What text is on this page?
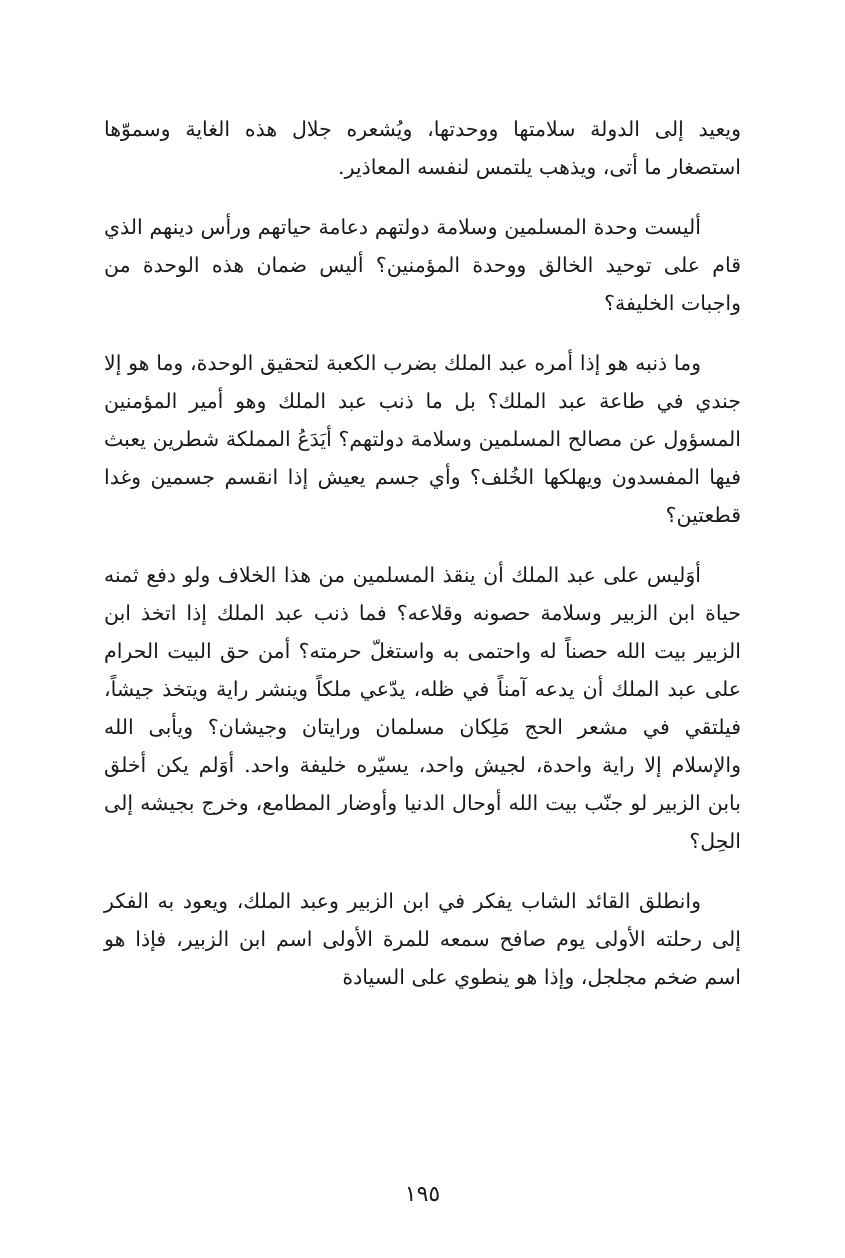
ويعيد إلى الدولة سلامتها ووحدتها، ويُشعره جلال هذه الغاية وسموّها استصغار ما أتى، ويذهب يلتمس لنفسه المعاذير.

أليست وحدة المسلمين وسلامة دولتهم دعامة حياتهم ورأس دينهم الذي قام على توحيد الخالق ووحدة المؤمنين؟ أليس ضمان هذه الوحدة من واجبات الخليفة؟

وما ذنبه هو إذا أمره عبد الملك بضرب الكعبة لتحقيق الوحدة، وما هو إلا جندي في طاعة عبد الملك؟ بل ما ذنب عبد الملك وهو أمير المؤمنين المسؤول عن مصالح المسلمين وسلامة دولتهم؟ أيَدَعُ المملكة شطرين يعبث فيها المفسدون ويهلكها الخُلف؟ وأي جسم يعيش إذا انقسم جسمين وغدا قطعتين؟

أوَليس على عبد الملك أن ينقذ المسلمين من هذا الخلاف ولو دفع ثمنه حياة ابن الزبير وسلامة حصونه وقلاعه؟ فما ذنب عبد الملك إذا اتخذ ابن الزبير بيت الله حصناً له واحتمى به واستغلّ حرمته؟ أمن حق البيت الحرام على عبد الملك أن يدعه آمناً في ظله، يدّعي ملكاً وينشر راية ويتخذ جيشاً، فيلتقي في مشعر الحج مَلِكان مسلمان ورايتان وجيشان؟ ويأبى الله والإسلام إلا راية واحدة، لجيش واحد، يسيّره خليفة واحد. أوَلم يكن أخلق بابن الزبير لو جنّب بيت الله أوحال الدنيا وأوضار المطامع، وخرج بجيشه إلى الحِل؟

وانطلق القائد الشاب يفكر في ابن الزبير وعبد الملك، ويعود به الفكر إلى رحلته الأولى يوم صافح سمعه للمرة الأولى اسم ابن الزبير، فإذا هو اسم ضخم مجلجل، وإذا هو ينطوي على السيادة

١٩٥
